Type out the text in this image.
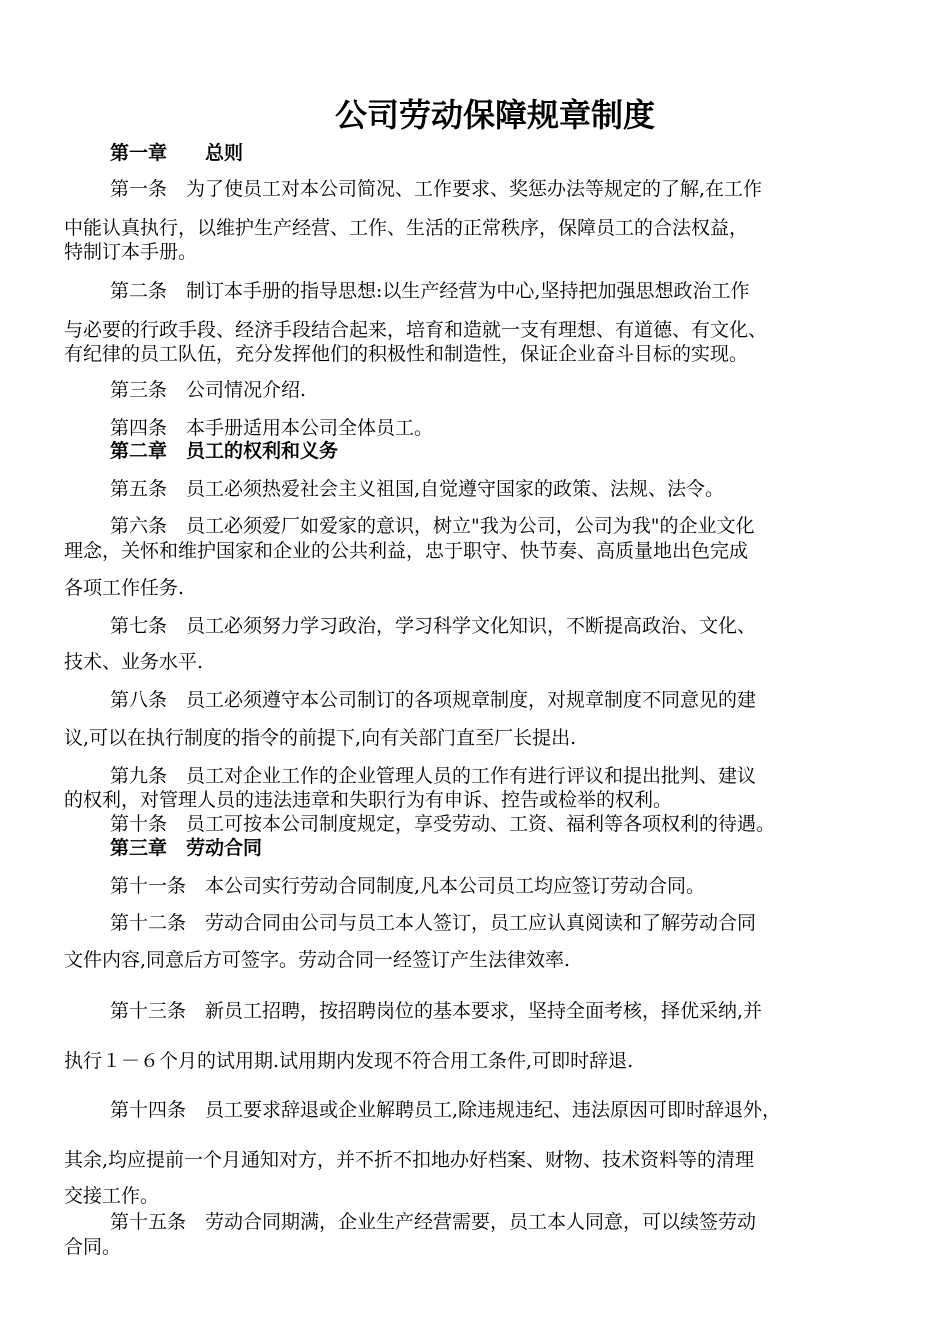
公司劳动保障规章制度
第一章　　总则
第一条　为了使员工对本公司简况、工作要求、奖惩办法等规定的了解,在工作
中能认真执行，以维护生产经营、工作、生活的正常秩序，保障员工的合法权益，
特制订本手册。
第二条　制订本手册的指导思想:以生产经营为中心,坚持把加强思想政治工作
与必要的行政手段、经济手段结合起来，培育和造就一支有理想、有道德、有文化、
有纪律的员工队伍，充分发挥他们的积极性和制造性，保证企业奋斗目标的实现。
第三条　公司情况介绍.
第四条　本手册适用本公司全体员工。
第二章　员工的权利和义务
第五条　员工必须热爱社会主义祖国,自觉遵守国家的政策、法规、法令。
第六条　员工必须爱厂如爱家的意识，树立"我为公司，公司为我"的企业文化
理念，关怀和维护国家和企业的公共利益，忠于职守、快节奏、高质量地出色完成
各项工作任务.
第七条　员工必须努力学习政治，学习科学文化知识，不断提高政治、文化、
技术、业务水平.
第八条　员工必须遵守本公司制订的各项规章制度，对规章制度不同意见的建
议,可以在执行制度的指令的前提下,向有关部门直至厂长提出.
第九条　员工对企业工作的企业管理人员的工作有进行评议和提出批判、建议
的权利，对管理人员的违法违章和失职行为有申诉、控告或检举的权利。
第十条　员工可按本公司制度规定，享受劳动、工资、福利等各项权利的待遇。
第三章　劳动合同
第十一条　本公司实行劳动合同制度,凡本公司员工均应签订劳动合同。
第十二条　劳动合同由公司与员工本人签订，员工应认真阅读和了解劳动合同
文件内容,同意后方可签字。劳动合同一经签订产生法律效率.
第十三条　新员工招聘，按招聘岗位的基本要求，坚持全面考核，择优采纳,并
执行１－６个月的试用期.试用期内发现不符合用工条件,可即时辞退.
第十四条　员工要求辞退或企业解聘员工,除违规违纪、违法原因可即时辞退外，
其余,均应提前一个月通知对方，并不折不扣地办好档案、财物、技术资料等的清理
交接工作。
第十五条　劳动合同期满，企业生产经营需要，员工本人同意，可以续签劳动
合同。
